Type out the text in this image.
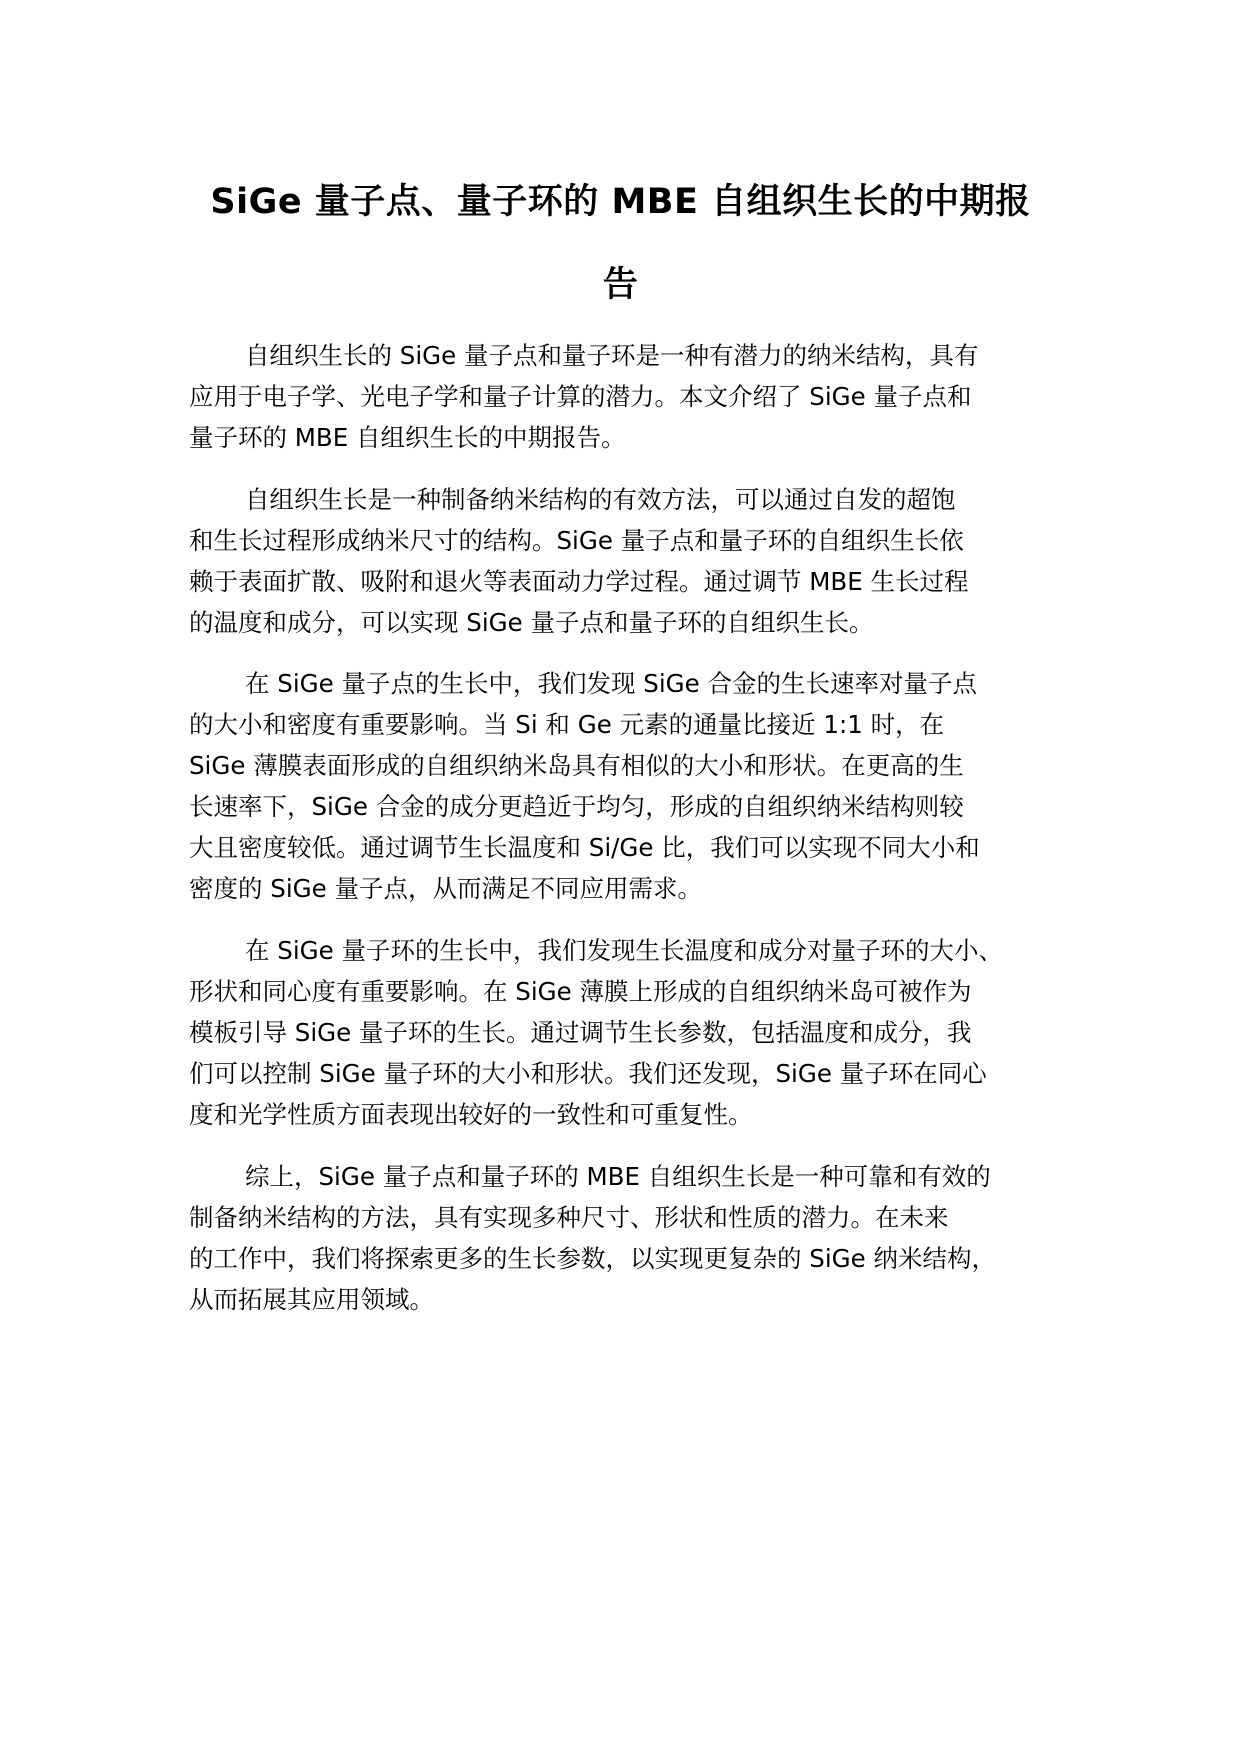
SiGe 量子点、量子环的 MBE 自组织生长的中期报
告
自组织生长的 SiGe 量子点和量子环是一种有潜力的纳米结构，具有
应用于电子学、光电子学和量子计算的潜力。本文介绍了 SiGe 量子点和
量子环的 MBE 自组织生长的中期报告。
自组织生长是一种制备纳米结构的有效方法，可以通过自发的超饱
和生长过程形成纳米尺寸的结构。SiGe 量子点和量子环的自组织生长依
赖于表面扩散、吸附和退火等表面动力学过程。通过调节 MBE 生长过程
的温度和成分，可以实现 SiGe 量子点和量子环的自组织生长。
在 SiGe 量子点的生长中，我们发现 SiGe 合金的生长速率对量子点
的大小和密度有重要影响。当 Si 和 Ge 元素的通量比接近 1:1 时，在
SiGe 薄膜表面形成的自组织纳米岛具有相似的大小和形状。在更高的生
长速率下，SiGe 合金的成分更趋近于均匀，形成的自组织纳米结构则较
大且密度较低。通过调节生长温度和 Si/Ge 比，我们可以实现不同大小和
密度的 SiGe 量子点，从而满足不同应用需求。
在 SiGe 量子环的生长中，我们发现生长温度和成分对量子环的大小、
形状和同心度有重要影响。在 SiGe 薄膜上形成的自组织纳米岛可被作为
模板引导 SiGe 量子环的生长。通过调节生长参数，包括温度和成分，我
们可以控制 SiGe 量子环的大小和形状。我们还发现，SiGe 量子环在同心
度和光学性质方面表现出较好的一致性和可重复性。
综上，SiGe 量子点和量子环的 MBE 自组织生长是一种可靠和有效的
制备纳米结构的方法，具有实现多种尺寸、形状和性质的潜力。在未来
的工作中，我们将探索更多的生长参数，以实现更复杂的 SiGe 纳米结构，
从而拓展其应用领域。
